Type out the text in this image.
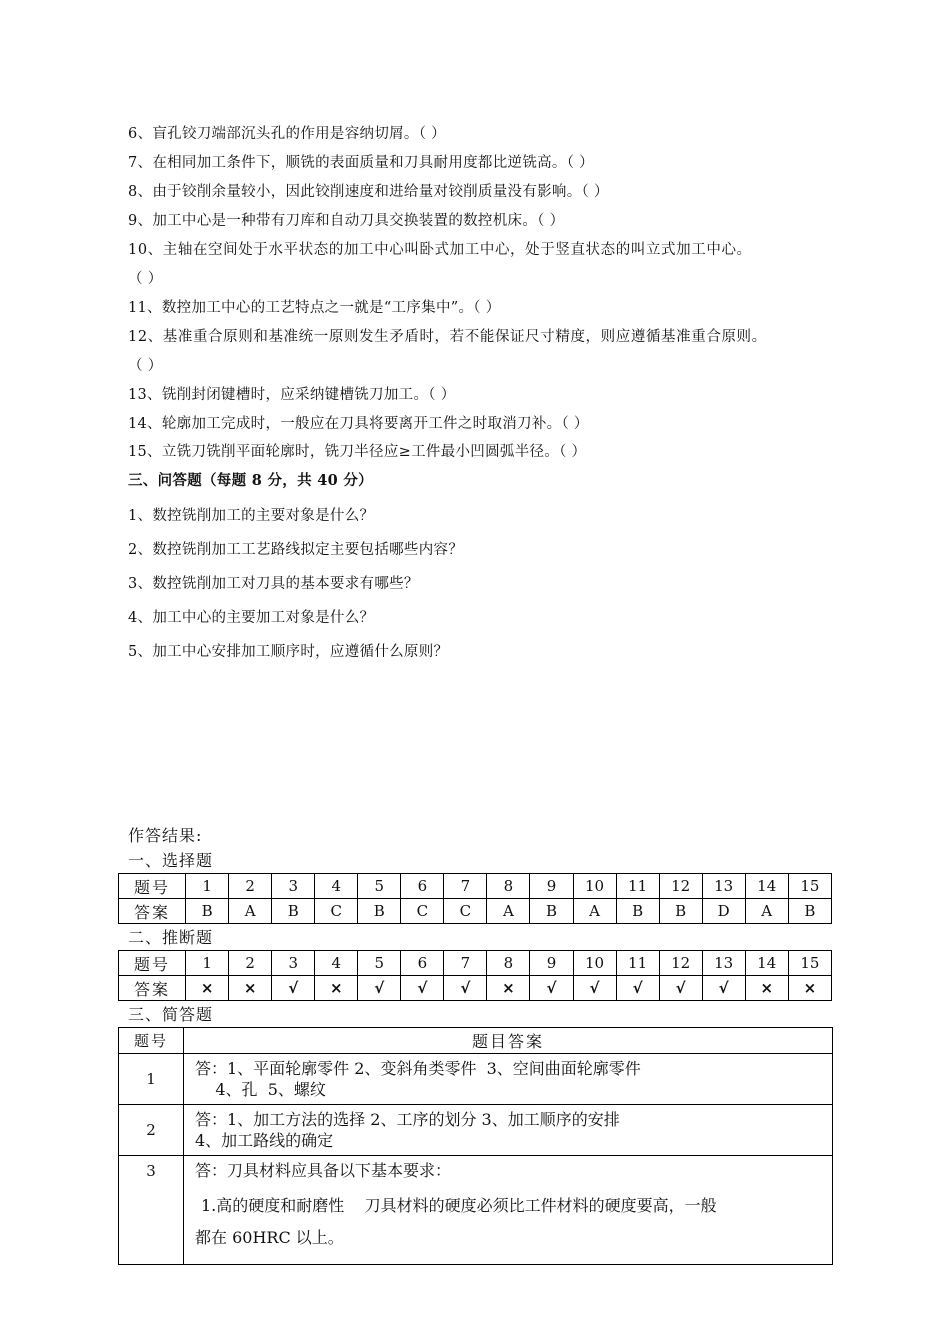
6、盲孔铰刀端部沉头孔的作用是容纳切屑。（ ）
7、在相同加工条件下，顺铣的表面质量和刀具耐用度都比逆铣高。（ ）
8、由于铰削余量较小，因此铰削速度和进给量对铰削质量没有影响。（ ）
9、加工中心是一种带有刀库和自动刀具交换装置的数控机床。（ ）
10、主轴在空间处于水平状态的加工中心叫卧式加工中心，处于竖直状态的叫立式加工中心。
（ ）
11、数控加工中心的工艺特点之一就是“工序集中”。（ ）
12、基准重合原则和基准统一原则发生矛盾时，若不能保证尺寸精度，则应遵循基准重合原则。
（ ）
13、铣削封闭键槽时，应采纳键槽铣刀加工。（ ）
14、轮廓加工完成时，一般应在刀具将要离开工件之时取消刀补。（ ）
15、立铣刀铣削平面轮廓时，铣刀半径应≥工件最小凹圆弧半径。（ ）
三、问答题（每题 8 分，共 40 分）
1、数控铣削加工的主要对象是什么？
2、数控铣削加工工艺路线拟定主要包括哪些内容？
3、数控铣削加工对刀具的基本要求有哪些？
4、加工中心的主要加工对象是什么？
5、加工中心安排加工顺序时，应遵循什么原则？
作答结果:
一、选择题
题号	1	2	3	4	5	6	7	8	9	10	11	12	13	14	15
答案	B	A	B	C	B	C	C	A	B	A	B	B	D	A	B
二、推断题
题号	1	2	3	4	5	6	7	8	9	10	11	12	13	14	15
答案	×	×	√	×	√	√	√	×	√	√	√	√	√	×	×
三、简答题
题号	题目答案
1	答：1、平面轮廓零件 2、变斜角类零件  3、空间曲面轮廓零件
4、孔  5、螺纹

2	答：1、加工方法的选择 2、工序的划分 3、加工顺序的安排
4、加工路线的确定

3	答：刀具材料应具备以下基本要求：
1.高的硬度和耐磨性    刀具材料的硬度必须比工件材料的硬度要高，一般
都在 60HRC 以上。
